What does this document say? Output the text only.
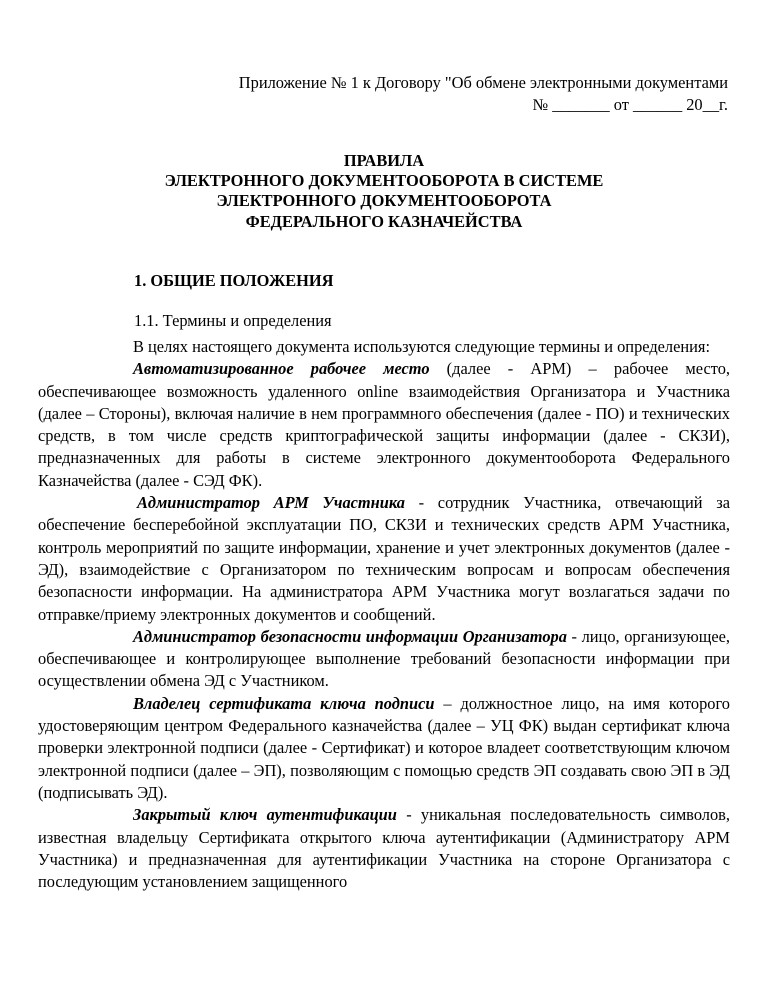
Приложение № 1 к Договору "Об обмене электронными документами
№ _______ от ______ 20__г.
ПРАВИЛА
ЭЛЕКТРОННОГО ДОКУМЕНТООБОРОТА В СИСТЕМЕ
ЭЛЕКТРОННОГО ДОКУМЕНТООБОРОТА
ФЕДЕРАЛЬНОГО КАЗНАЧЕЙСТВА
1. ОБЩИЕ ПОЛОЖЕНИЯ
1.1. Термины и определения

В целях настоящего документа используются следующие термины и определения:

Автоматизированное рабочее место (далее - АРМ) – рабочее место, обеспечивающее возможность удаленного online взаимодействия Организатора и Участника (далее – Стороны), включая наличие в нем программного обеспечения (далее - ПО) и технических средств, в том числе средств криптографической защиты информации (далее - СКЗИ), предназначенных для работы в системе электронного документооборота Федерального Казначейства (далее - СЭД ФК).

Администратор АРМ Участника - сотрудник Участника, отвечающий за обеспечение бесперебойной эксплуатации ПО, СКЗИ и технических средств АРМ Участника, контроль мероприятий по защите информации, хранение и учет электронных документов (далее - ЭД), взаимодействие с Организатором по техническим вопросам и вопросам обеспечения безопасности информации. На администратора АРМ Участника могут возлагаться задачи по отправке/приему электронных документов и сообщений.

Администратор безопасности информации Организатора - лицо, организующее, обеспечивающее и контролирующее выполнение требований безопасности информации при осуществлении обмена ЭД с Участником.

Владелец сертификата ключа подписи – должностное лицо, на имя которого удостоверяющим центром Федерального казначейства (далее – УЦ ФК) выдан сертификат ключа проверки электронной подписи (далее - Сертификат) и которое владеет соответствующим ключом электронной подписи (далее – ЭП), позволяющим с помощью средств ЭП создавать свою ЭП в ЭД (подписывать ЭД).

Закрытый ключ аутентификации - уникальная последовательность символов, известная владельцу Сертификата открытого ключа аутентификации (Администратору АРМ Участника) и предназначенная для аутентификации Участника на стороне Организатора с последующим установлением защищенного
